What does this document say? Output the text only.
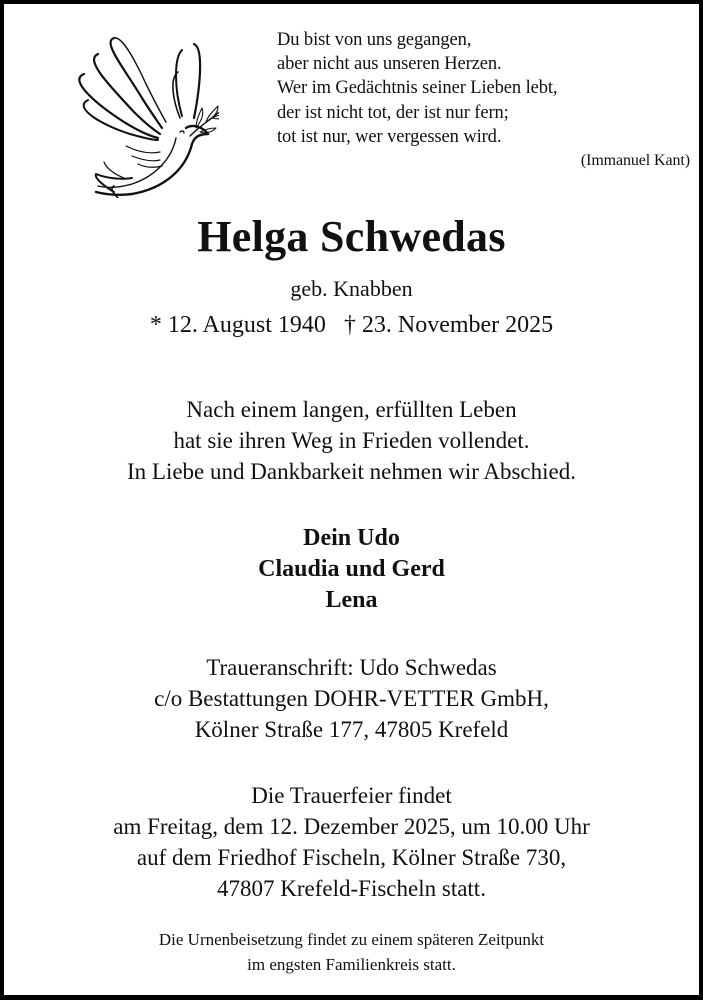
Du bist von uns gegangen,
aber nicht aus unseren Herzen.
Wer im Gedächtnis seiner Lieben lebt,
der ist nicht tot, der ist nur fern;
tot ist nur, wer vergessen wird.
(Immanuel Kant)
Helga Schwedas
geb. Knabben
* 12. August 1940 † 23. November 2025
Nach einem langen, erfüllten Leben
hat sie ihren Weg in Frieden vollendet.
In Liebe und Dankbarkeit nehmen wir Abschied.
Dein Udo
Claudia und Gerd
Lena
Traueranschrift: Udo Schwedas
c/o Bestattungen DOHR-VETTER GmbH,
Kölner Straße 177, 47805 Krefeld
Die Trauerfeier findet
am Freitag, dem 12. Dezember 2025, um 10.00 Uhr
auf dem Friedhof Fischeln, Kölner Straße 730,
47807 Krefeld-Fischeln statt.
Die Urnenbeisetzung findet zu einem späteren Zeitpunkt
im engsten Familienkreis statt.
